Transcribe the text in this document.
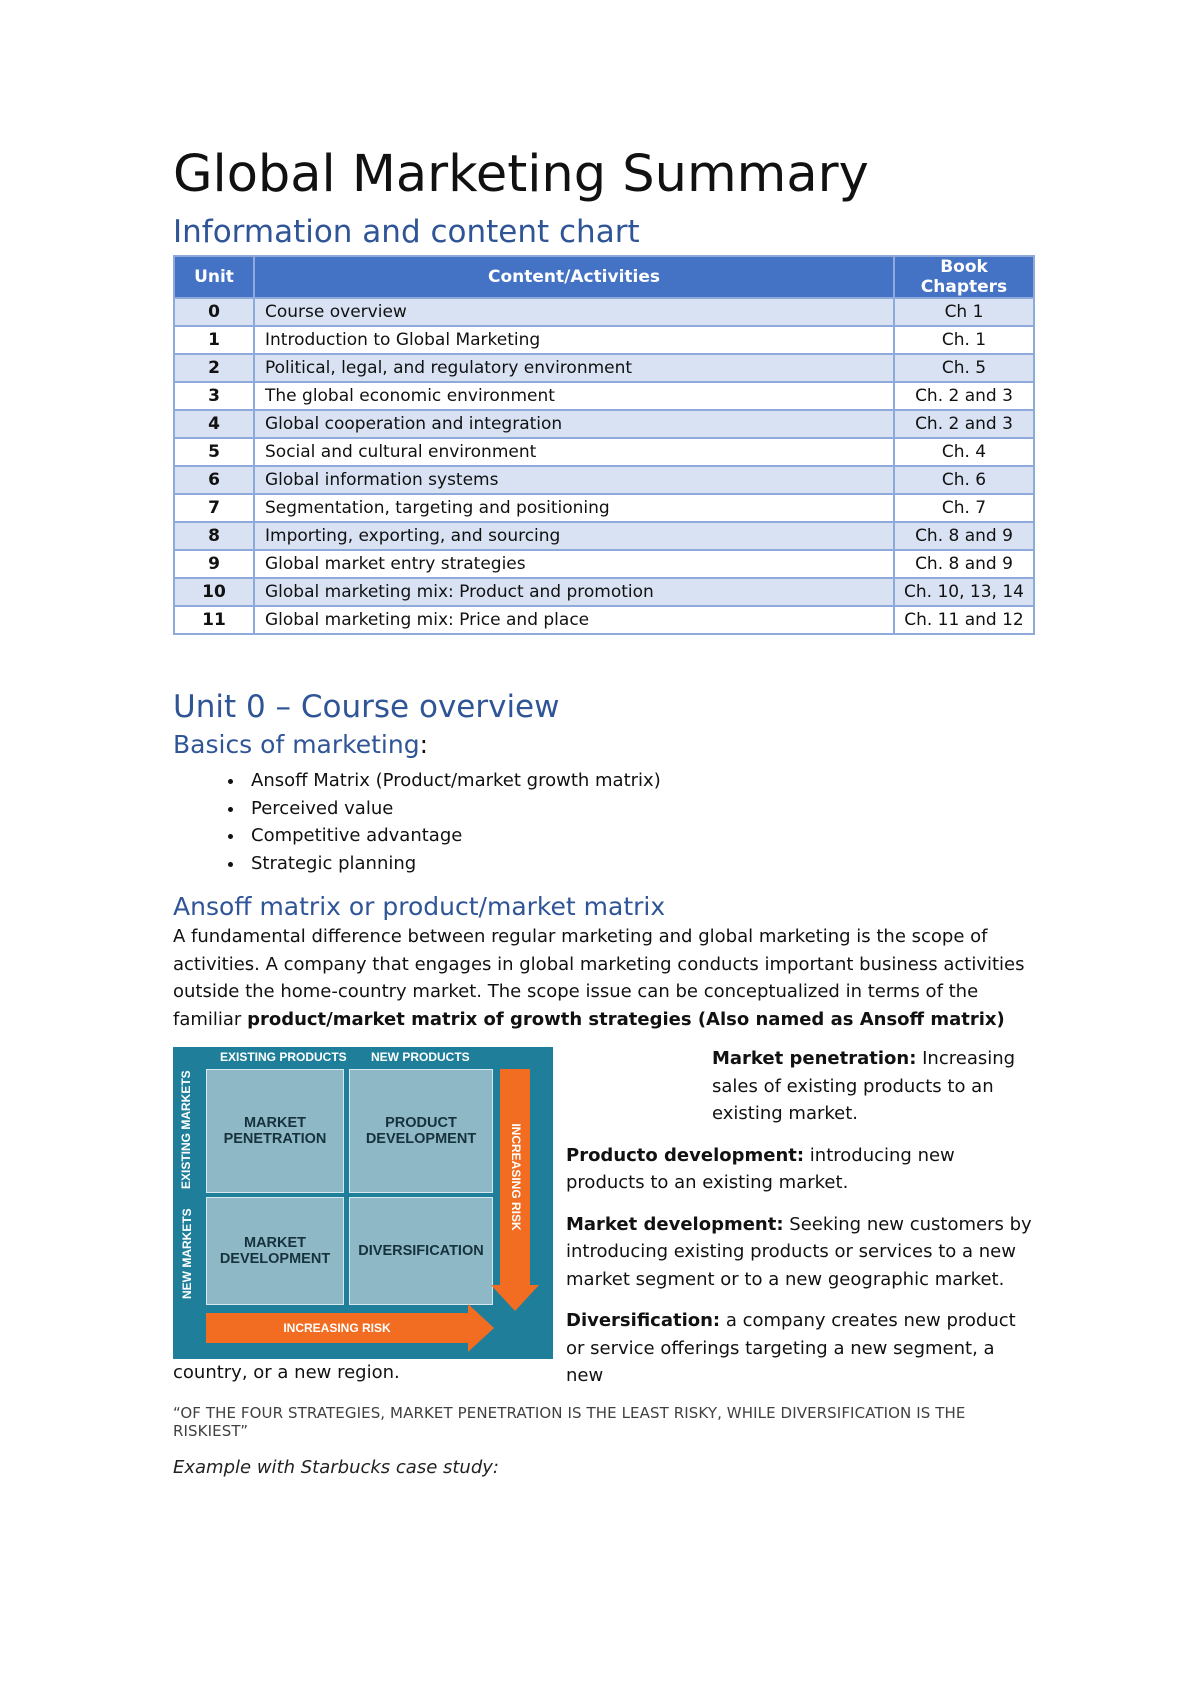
Global Marketing Summary
Information and content chart
Unit	Content/Activities	Book Chapters
0	Course overview	Ch 1
1	Introduction to Global Marketing	Ch. 1
2	Political, legal, and regulatory environment	Ch. 5
3	The global economic environment	Ch. 2 and 3
4	Global cooperation and integration	Ch. 2 and 3
5	Social and cultural environment	Ch. 4
6	Global information systems	Ch. 6
7	Segmentation, targeting and positioning	Ch. 7
8	Importing, exporting, and sourcing	Ch. 8 and 9
9	Global market entry strategies	Ch. 8 and 9
10	Global marketing mix: Product and promotion	Ch. 10, 13, 14
11	Global marketing mix: Price and place	Ch. 11 and 12
Unit 0 – Course overview
Basics of marketing:
• Ansoff Matrix (Product/market growth matrix)
• Perceived value
• Competitive advantage
• Strategic planning
Ansoff matrix or product/market matrix

A fundamental difference between regular marketing and global marketing is the scope of activities. A company that engages in global marketing conducts important business activities outside the home-country market. The scope issue can be conceptualized in terms of the familiar product/market matrix of growth strategies (Also named as Ansoff matrix)

EXISTING PRODUCTS NEW PRODUCTS
EXISTING MARKETS
NEW MARKETS
MARKET
PENETRATION
PRODUCT
DEVELOPMENT
MARKET
DEVELOPMENT DIVERSIFICATION
INCREASING RISK
INCREASING RISK

Market penetration: Increasing sales of existing products to an existing market.

Producto development: introducing new products to an existing market.

Market development: Seeking new customers by introducing existing products or services to a new market segment or to a new geographic market.

Diversification: a company creates new product or service offerings targeting a new segment, a new

country, or a new region.

“OF THE FOUR STRATEGIES, MARKET PENETRATION IS THE LEAST RISKY, WHILE DIVERSIFICATION IS THE RISKIEST”
Example with Starbucks case study:
